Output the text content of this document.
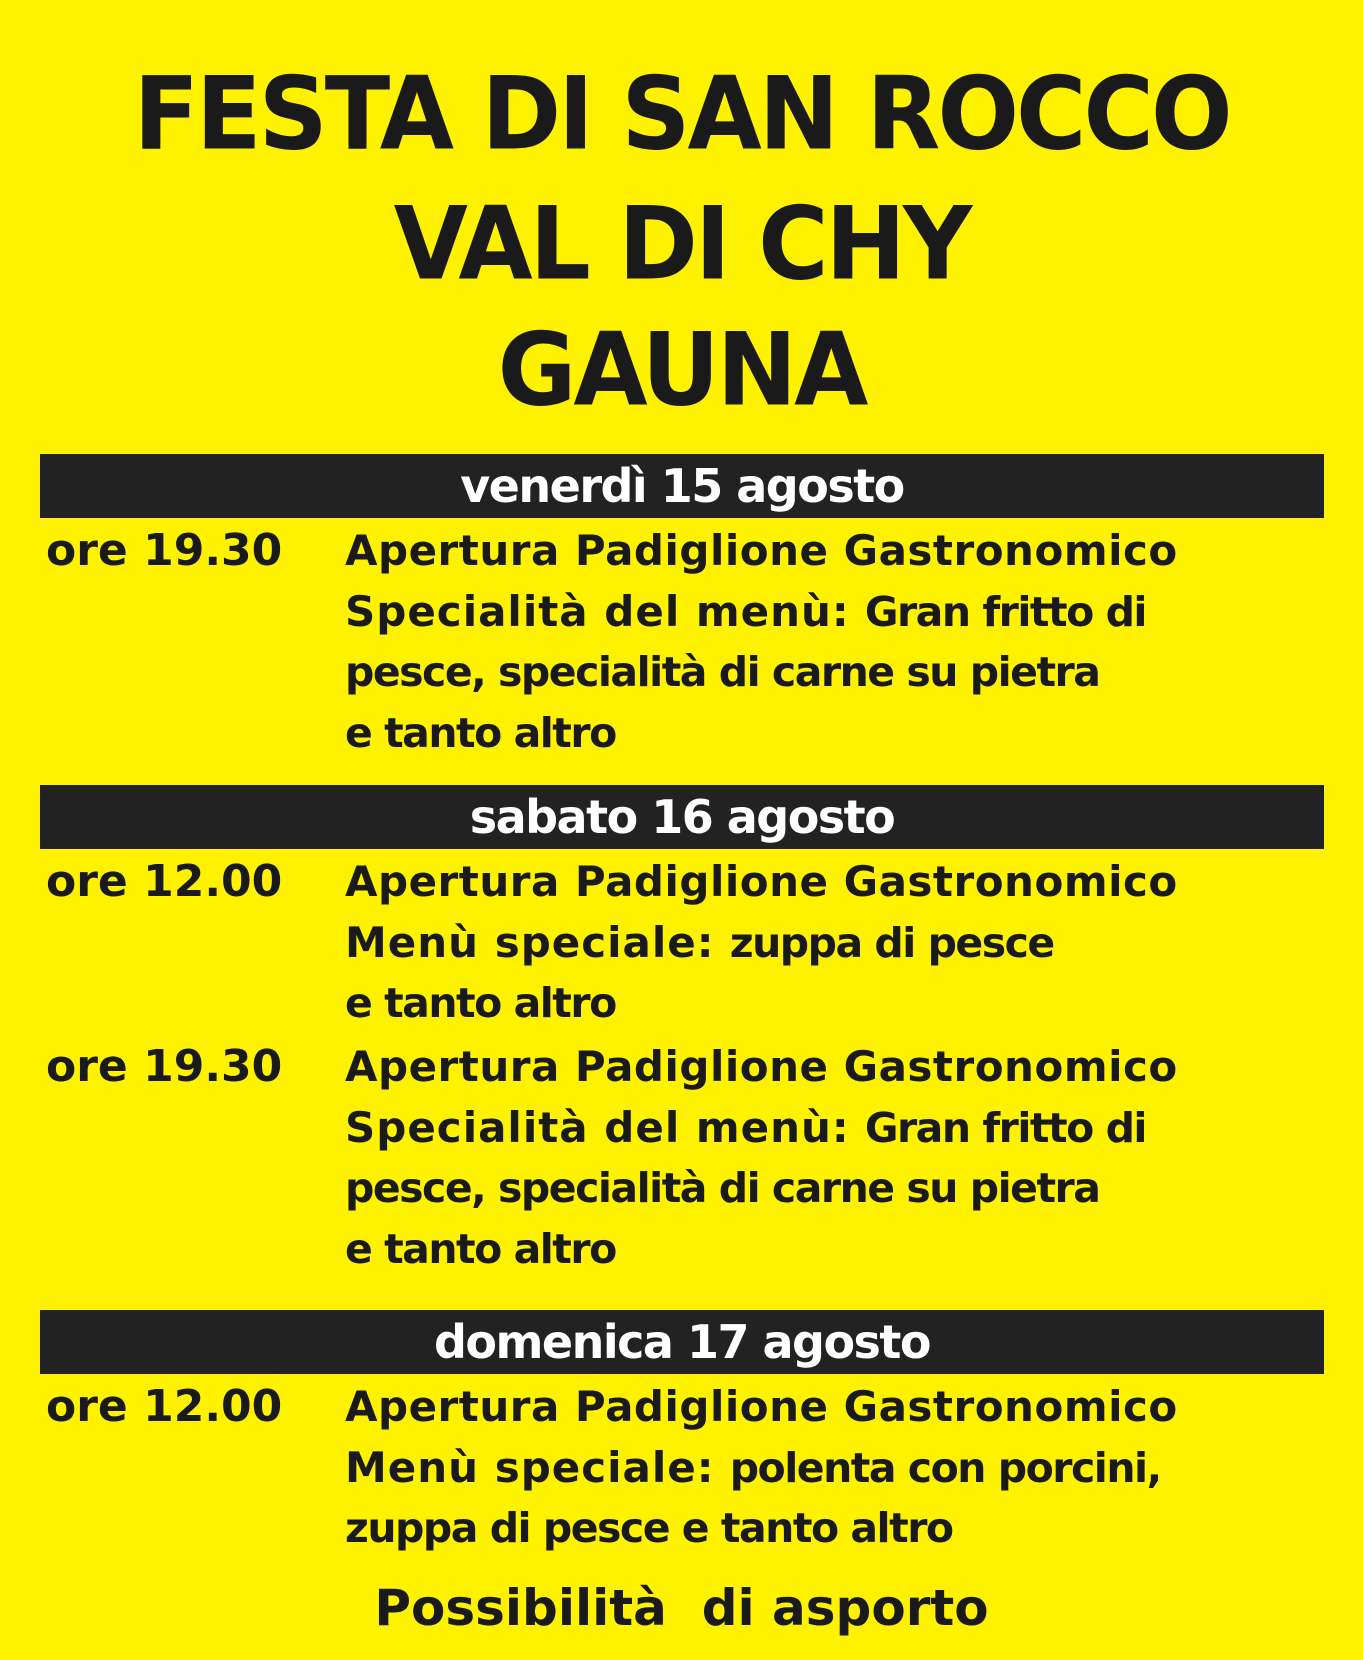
FESTA DI SAN ROCCO
VAL DI CHY
GAUNA
venerdì 15 agosto
ore 19.30 Apertura Padiglione Gastronomico
Specialità del menù: Gran fritto di
pesce, specialità di carne su pietra
e tanto altro
sabato 16 agosto
ore 12.00 Apertura Padiglione Gastronomico
Menù speciale: zuppa di pesce
e tanto altro
ore 19.30 Apertura Padiglione Gastronomico
Specialità del menù: Gran fritto di
pesce, specialità di carne su pietra
e tanto altro
domenica 17 agosto
ore 12.00 Apertura Padiglione Gastronomico
Menù speciale: polenta con porcini,
zuppa di pesce e tanto altro
Possibilità  di asporto
